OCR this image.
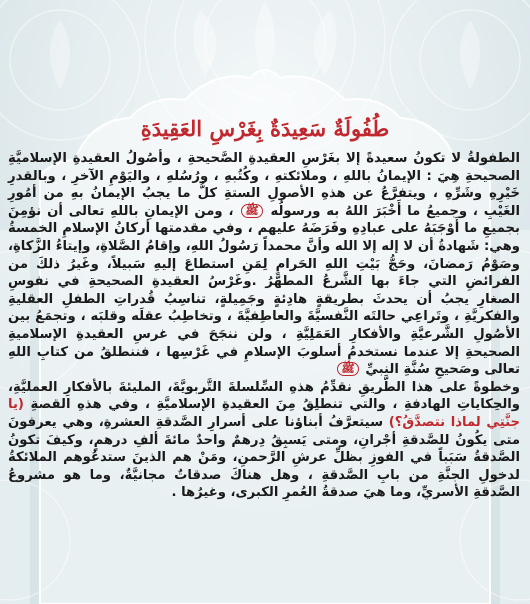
طُفُولَةٌ سَعِيدَةٌ بِغَرْسِ العَقِيدَةِ

الطفولةُ لا تكونُ سعيدةً إلا بغَرْسِ العقيدةِ الصَّحيحةِ ، وأصُولُ العقيدةِ الإسلاميَّةِ الصحيحةِ هِيَ : الإيمانُ باللهِ ، وملائكتهِ ، وكُتُبهِ ، ورُسُلهِ ، واليَوْمِ الآخرِ ، وبالقدرِ خَيْرِهِ وشَرِّهِ ، ويتفرَّعُ عن هذهِ الأصولِ الستةِ كلُّ ما يجبُ الإيمانُ بهِ من أمُورِ الغَيْبِ ، وجميعُ ما أَخْبَرَ اللهُ به ورسولُه ﷺ ، ومن الإيمانِ باللهِ تعالى أن نؤمِنَ بجميعِ ما أَوْجَبَهُ على عبادِهِ وفَرَضَهُ عليهم ، وفي مقدمتها أركانُ الإسلامِ الخمسةُ وهي: شَهادةُ أن لا إله إلا الله وأنَّ محمداً رَسُولُ اللهِ، وإقامُ الصَّلاةِ، وإيتاءُ الزَّكاةِ، وصَوْمُ رَمضانَ، وحَجُّ بَيْتِ اللهِ الحَرامِ لِمَنِ استطاعَ إليهِ سَبيلاً، وغَيرُ ذلكَ من الفرائضِ التي جاءَ بها الشَّرعُ المطهَّرُ .وغَرْسُ العقيدةِ الصحيحةِ في نفوسِ الصغارِ يجبُ أن يحدثَ بطريقةٍ هادِئةٍ وجَمِيلةٍ، تناسِبُ قُدراتِ الطفلِ العقليةِ والفكريَّةِ ، وتَراعِي حالتَه النَّفسيَّةَ والعاطِفيَّةَ ، وتخاطِبُ عقلَه وقلبَه ، وتجمَعُ بين الأصُولِ الشَّرعيَّةِ والأفكارِ العَمَلِيَّةِ ، ولن ننجَحَ في غرسِ العقيدةِ الإسلاميةِ الصحيحةِ إلا عندما نستخدمُ أسلوبَ الإسلامِ في غَرْسِها ، فننطلقُ من كتابِ اللهِ تعالى وصَحيحِ سُنَّةِ النبيِّ ﷺ

وخطوةً على هذا الطَّريقِ نقدِّمُ هذهِ السِّلسلةَ التَّربويَّةَ، المليئةَ بالأفكارِ العمليَّةِ، والحِكاياتِ الهادفةِ ، والتي تنطلِقُ مِنَ العقيدةِ الإسلاميَّةِ ، وفي هذهِ القصةِ (يا جنَّتِي لماذا نتصدَّقُ؟) سيتعرَّفُ أبناؤنا على أسرارِ الصَّدقةِ العشرةِ، وهي يعرفونَ متى يكُونُ للصَّدقةِ أجْرانِ، ومتى يَسبِقُ دِرهمٌ واحدٌ مائةَ ألفِ درهمٍ، وكيفَ تكونُ الصَّدقةُ سَبَباً في الفوزِ بظلِّ عرشِ الرَّحمنِ، ومَنْ هم الذينَ ستدعُوهم الملائكةُ لدخولِ الجنَّةِ من بابِ الصَّدقةِ ، وهل هناكَ صدقاتٌ مجانيَّةٌ، وما هو مشروعُ الصَّدقةِ الأسريِّ، وما هيَ صدقةُ العُمرِ الكبرى، وغيرُها .
